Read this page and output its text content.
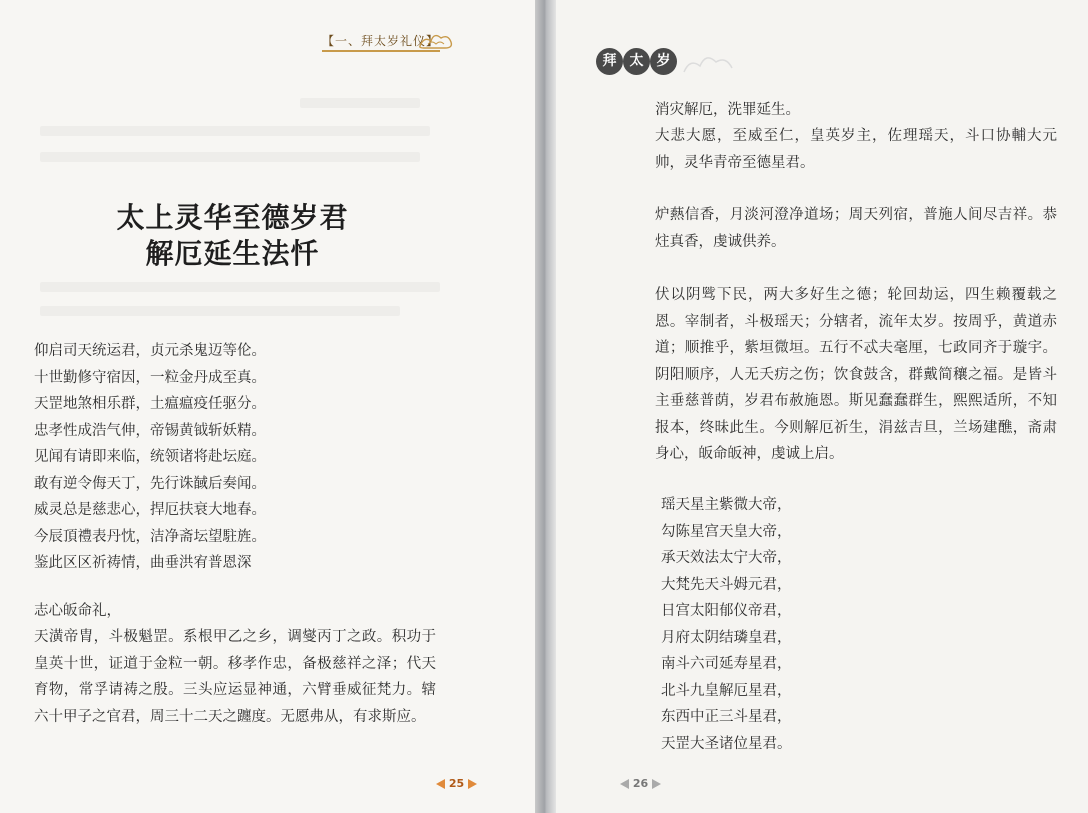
【一、拜太岁礼仪】
太上灵华至德岁君
解厄延生法忏
仰启司天统运君，贞元杀鬼迈等伦。
十世勤修守宿因，一粒金丹成至真。
天罡地煞相乐群，土瘟瘟疫任驱分。
忠孝性成浩气伸，帝锡黄钺斩妖精。
见闻有请即来临，统领诸将赴坛庭。
敢有逆令侮天丁，先行诛馘后奏闻。
威灵总是慈悲心，捍厄扶衰大地春。
今辰頂禮表丹忱，洁净斋坛望駐旌。
鉴此区区祈祷情，曲垂洪宥普恩深
志心皈命礼，
天潢帝胄，斗极魁罡。系根甲乙之乡，调燮丙丁之政。积功于皇英十世，证道于金粒一朝。移孝作忠，备极慈祥之泽；代天育物，常孚请祷之殷。三头应运显神通，六臂垂威征梵力。辖六十甲子之官君，周三十二天之躔度。无愿弗从，有求斯应。
25
拜 太 岁
消灾解厄，洗罪延生。
大悲大愿，至威至仁，皇英岁主，佐理瑶天，斗口协輔大元帅，灵华青帝至德星君。
炉爇信香，月淡河澄净道场；周天列宿，普施人间尽吉祥。恭炷真香，虔诚供养。
伏以阴骘下民，两大多好生之德；轮回劫运，四生赖覆载之恩。宰制者，斗极瑶天；分辖者，流年太岁。按周乎，黄道赤道；顺推乎，紫垣微垣。五行不忒夫毫厘，七政同齐于璇宇。阴阳顺序，人无夭疠之伤；饮食鼓含，群戴简穰之福。是皆斗主垂慈普荫，岁君布赦施恩。斯见蠢蠢群生，熙熙适所，不知报本，终昧此生。今则解厄祈生，涓兹吉旦，兰场建醮，斋肃身心，皈命皈神，虔诚上启。
瑶天星主紫微大帝，
勾陈星宫天皇大帝，
承天效法太宁大帝，
大梵先天斗姆元君，
日宫太阳郁仪帝君，
月府太阴结璘皇君，
南斗六司延寿星君，
北斗九皇解厄星君，
东西中正三斗星君，
天罡大圣诸位星君。
26
